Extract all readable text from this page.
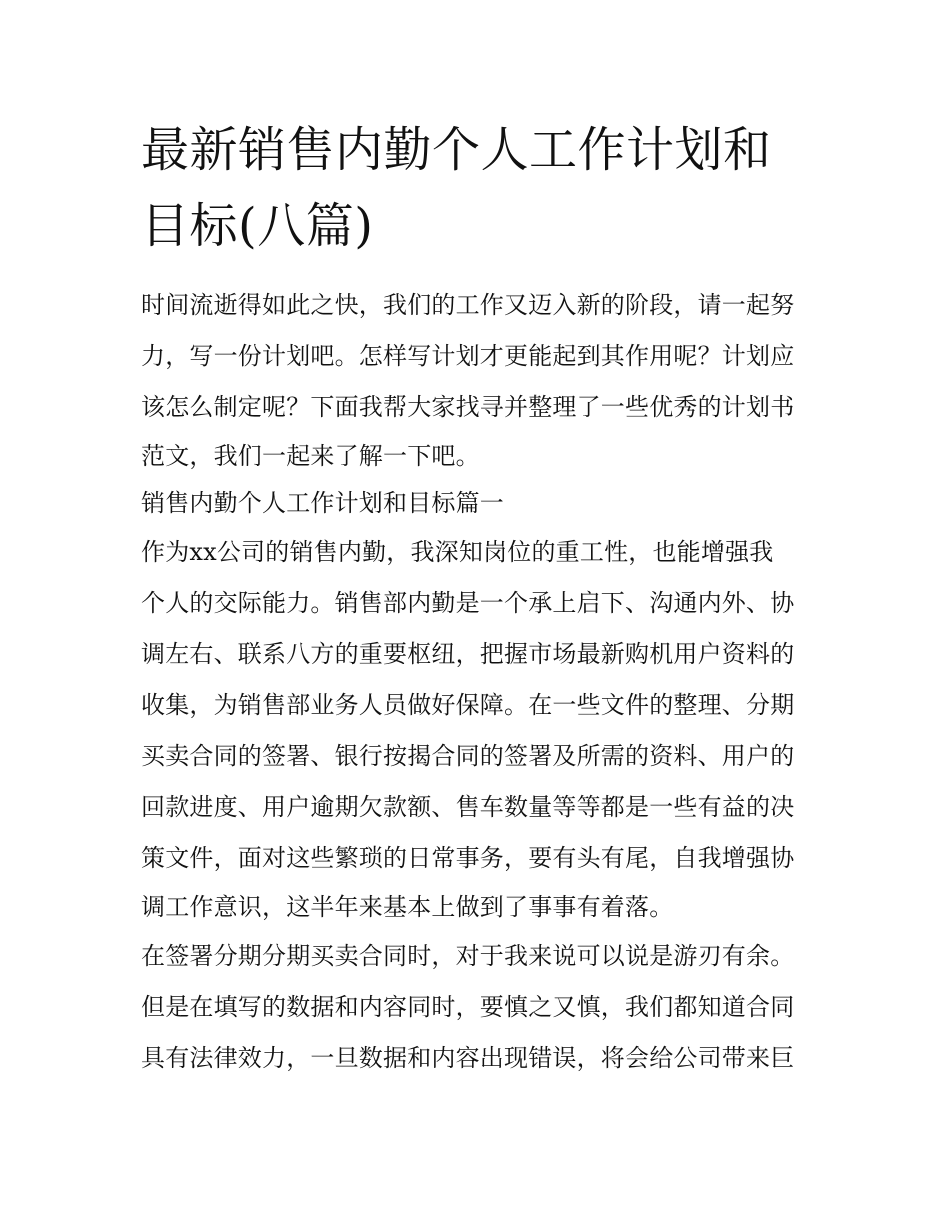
最新销售内勤个人工作计划和
目标(八篇)
时间流逝得如此之快，我们的工作又迈入新的阶段，请一起努
力，写一份计划吧。怎样写计划才更能起到其作用呢？计划应
该怎么制定呢？下面我帮大家找寻并整理了一些优秀的计划书
范文，我们一起来了解一下吧。
销售内勤个人工作计划和目标篇一
作为xx公司的销售内勤，我深知岗位的重工性，也能增强我
个人的交际能力。销售部内勤是一个承上启下、沟通内外、协
调左右、联系八方的重要枢纽，把握市场最新购机用户资料的
收集，为销售部业务人员做好保障。在一些文件的整理、分期
买卖合同的签署、银行按揭合同的签署及所需的资料、用户的
回款进度、用户逾期欠款额、售车数量等等都是一些有益的决
策文件，面对这些繁琐的日常事务，要有头有尾，自我增强协
调工作意识，这半年来基本上做到了事事有着落。
在签署分期分期买卖合同时，对于我来说可以说是游刃有余。
但是在填写的数据和内容同时，要慎之又慎，我们都知道合同
具有法律效力，一旦数据和内容出现错误，将会给公司带来巨
